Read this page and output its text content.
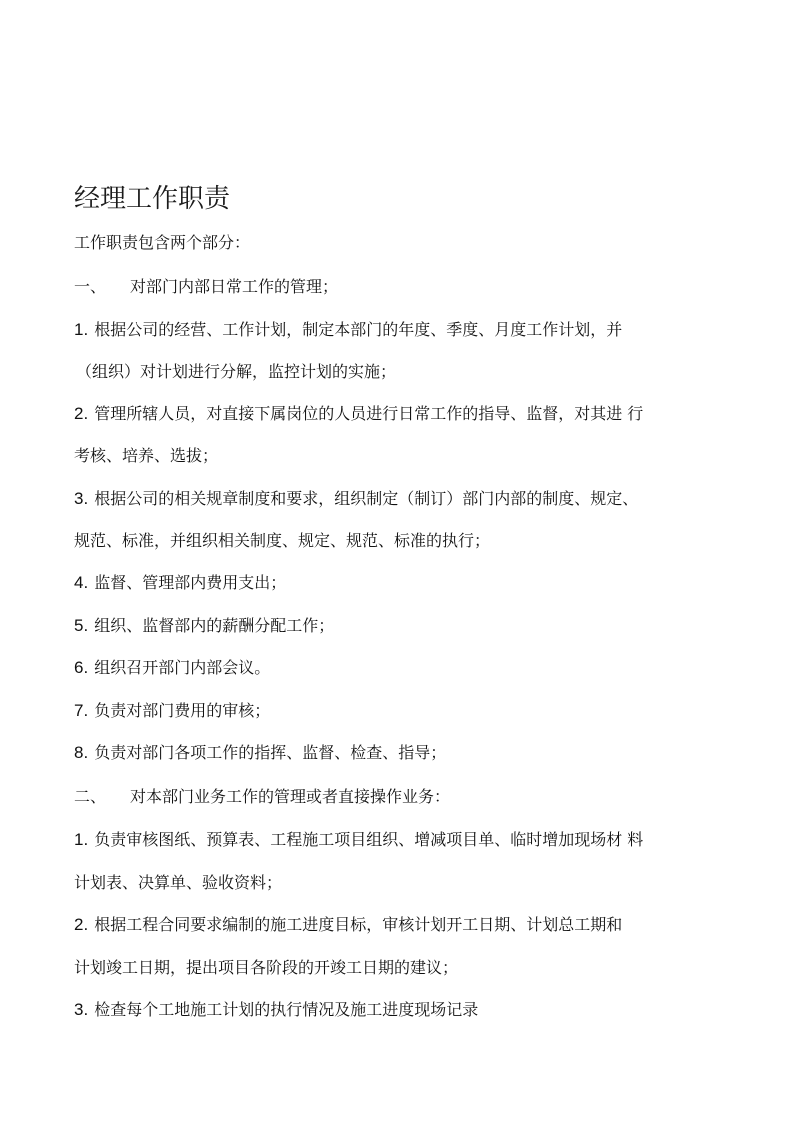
经理工作职责
工作职责包含两个部分：
一、 对部门内部日常工作的管理；
1. 根据公司的经营、工作计划，制定本部门的年度、季度、月度工作计划，并
（组织）对计划进行分解，监控计划的实施；
2. 管理所辖人员，对直接下属岗位的人员进行日常工作的指导、监督，对其进 行
考核、培养、选拔；
3. 根据公司的相关规章制度和要求，组织制定（制订）部门内部的制度、规定、
规范、标准，并组织相关制度、规定、规范、标准的执行；
4. 监督、管理部内费用支出；
5. 组织、监督部内的薪酬分配工作；
6. 组织召开部门内部会议。
7. 负责对部门费用的审核；
8. 负责对部门各项工作的指挥、监督、检查、指导；
二、 对本部门业务工作的管理或者直接操作业务：
1. 负责审核图纸、预算表、工程施工项目组织、增减项目单、临时增加现场材 料
计划表、决算单、验收资料；
2. 根据工程合同要求编制的施工进度目标，审核计划开工日期、计划总工期和
计划竣工日期，提出项目各阶段的开竣工日期的建议；
3. 检查每个工地施工计划的执行情况及施工进度现场记录
